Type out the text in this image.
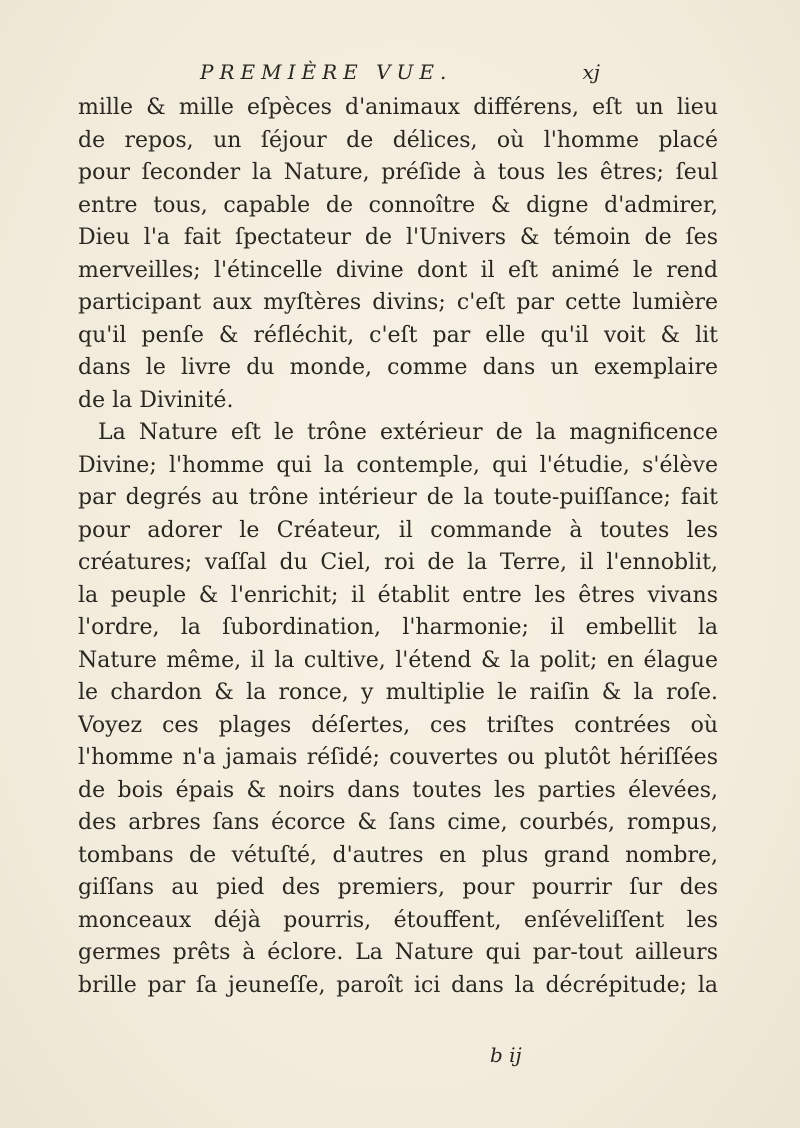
PREMIÈRE VUE.	xj
mille & mille eſpèces d'animaux différens, eſt un lieu
de repos, un ſéjour de délices, où l'homme placé
pour ſeconder la Nature, préſide à tous les êtres; ſeul
entre tous, capable de connoître & digne d'admirer,
Dieu l'a fait ſpectateur de l'Univers & témoin de ſes
merveilles; l'étincelle divine dont il eſt animé le rend
participant aux myſtères divins; c'eſt par cette lumière
qu'il penſe & réfléchit, c'eſt par elle qu'il voit & lit
dans le livre du monde, comme dans un exemplaire
de la Divinité.
La Nature eſt le trône extérieur de la magnificence
Divine; l'homme qui la contemple, qui l'étudie, s'élève
par degrés au trône intérieur de la toute-puiſſance; fait
pour adorer le Créateur, il commande à toutes les
créatures; vaſſal du Ciel, roi de la Terre, il l'ennoblit,
la peuple & l'enrichit; il établit entre les êtres vivans
l'ordre, la ſubordination, l'harmonie; il embellit la
Nature même, il la cultive, l'étend & la polit; en élague
le chardon & la ronce, y multiplie le raiſin & la roſe.
Voyez ces plages déſertes, ces triſtes contrées où
l'homme n'a jamais réſidé; couvertes ou plutôt hériſſées
de bois épais & noirs dans toutes les parties élevées,
des arbres ſans écorce & ſans cime, courbés, rompus,
tombans de vétuſté, d'autres en plus grand nombre,
giſſans au pied des premiers, pour pourrir ſur des
monceaux déjà pourris, étouffent, enſéveliſſent les
germes prêts à éclore. La Nature qui par-tout ailleurs
brille par ſa jeuneſſe, paroît ici dans la décrépitude; la
b ij
